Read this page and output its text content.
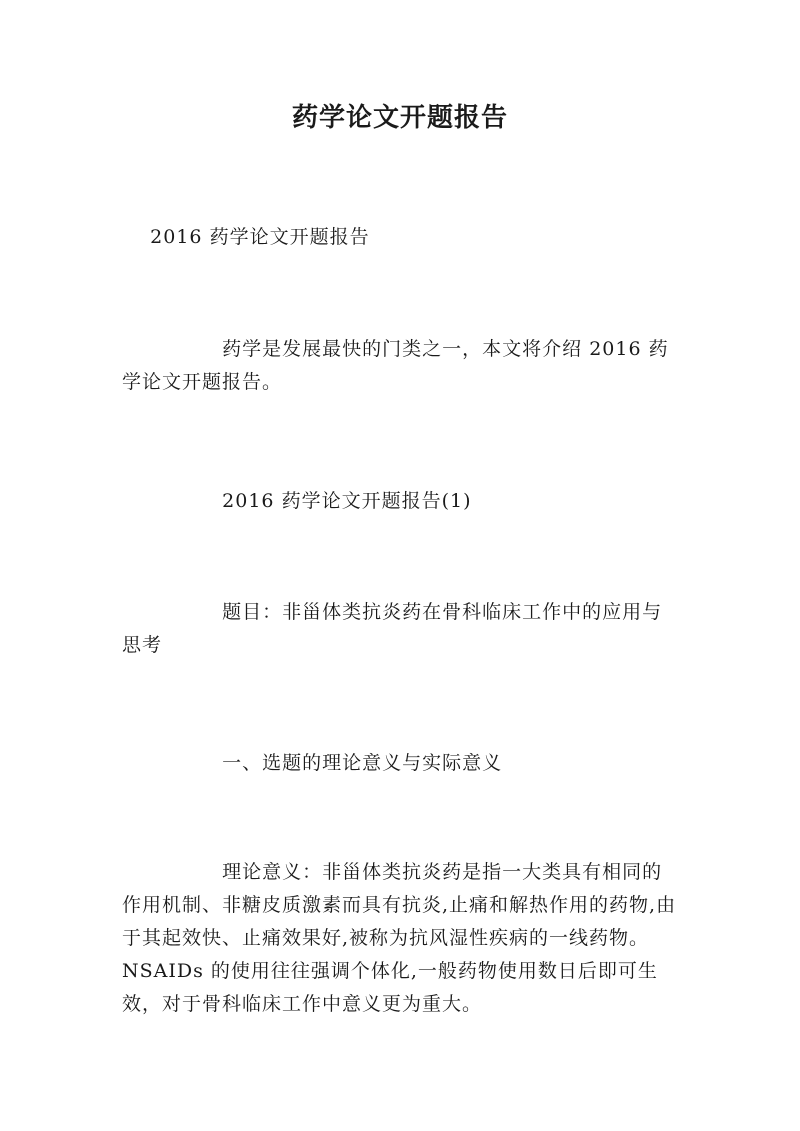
药学论文开题报告

2016 药学论文开题报告

药学是发展最快的门类之一，本文将介绍 2016 药学论文开题报告。

2016 药学论文开题报告(1)

题目：非甾体类抗炎药在骨科临床工作中的应用与思考

一、选题的理论意义与实际意义

理论意义：非甾体类抗炎药是指一大类具有相同的作用机制、非糖皮质激素而具有抗炎,止痛和解热作用的药物,由于其起效快、止痛效果好,被称为抗风湿性疾病的一线药物。NSAIDs 的使用往往强调个体化,一般药物使用数日后即可生效，对于骨科临床工作中意义更为重大。
